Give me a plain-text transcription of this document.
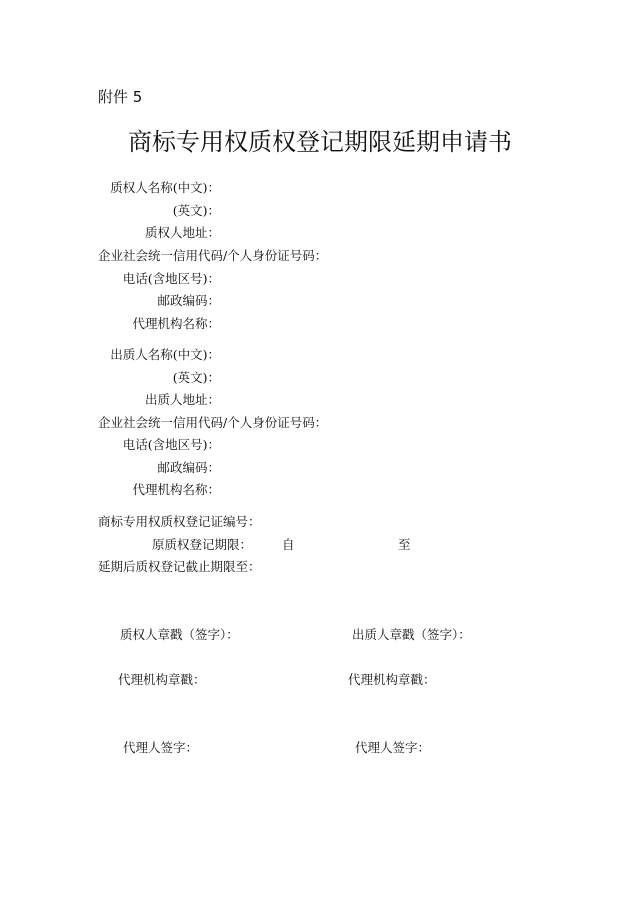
附件 5
商标专用权质权登记期限延期申请书
质权人名称(中文)：
(英文)：
质权人地址：
企业社会统一信用代码/个人身份证号码：
电话(含地区号)：
邮政编码：
代理机构名称：
出质人名称(中文)：
(英文)：
出质人地址：
企业社会统一信用代码/个人身份证号码：
电话(含地区号)：
邮政编码：
代理机构名称：
商标专用权质权登记证编号：
原质权登记期限： 自	至
延期后质权登记截止期限至：
质权人章戳（签字）：	出质人章戳（签字）：
代理机构章戳：	代理机构章戳：
代理人签字：	代理人签字：
